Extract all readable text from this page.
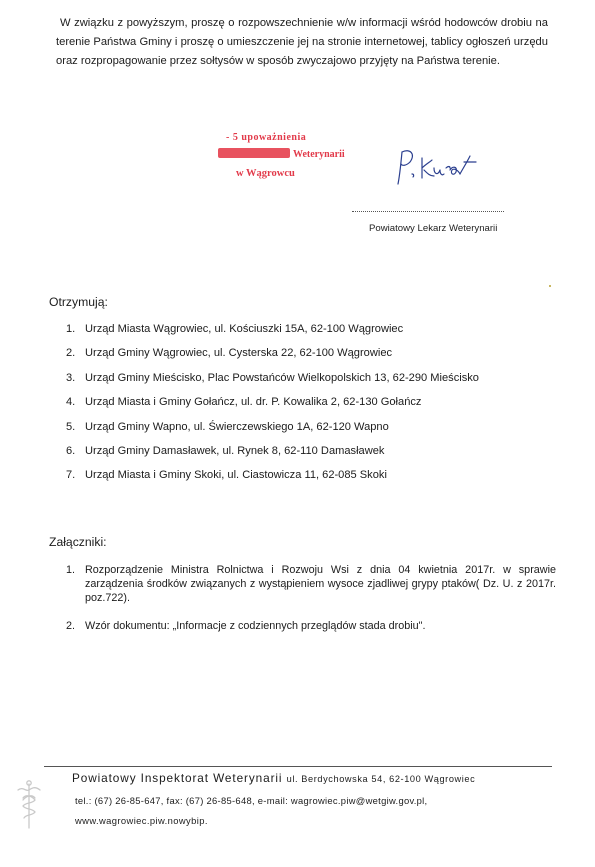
W związku z powyższym, proszę o rozpowszechnienie w/w informacji wśród hodowców drobiu na terenie Państwa Gminy i proszę o umieszczenie jej na stronie internetowej, tablicy ogłoszeń urzędu oraz rozpropagowanie przez sołtysów w sposób zwyczajowo przyjęty na Państwa terenie.

- 5 upoważnienia
Weterynarii
w Wągrowcu
Powiatowy Lekarz Weterynarii
Otrzymują:
1. Urząd Miasta Wągrowiec, ul. Kościuszki 15A, 62-100 Wągrowiec
2. Urząd Gminy Wągrowiec, ul. Cysterska 22, 62-100 Wągrowiec
3. Urząd Gminy Mieścisko, Plac Powstańców Wielkopolskich 13, 62-290 Mieścisko
4. Urząd Miasta i Gminy Gołańcz, ul. dr. P. Kowalika 2, 62-130 Gołańcz
5. Urząd Gminy Wapno, ul. Świerczewskiego 1A, 62-120 Wapno
6. Urząd Gminy Damasławek, ul. Rynek 8, 62-110 Damasławek
7. Urząd Miasta i Gminy Skoki, ul. Ciastowicza 11, 62-085 Skoki
Załączniki:
1. Rozporządzenie Ministra Rolnictwa i Rozwoju Wsi z dnia 04 kwietnia 2017r. w sprawie zarządzenia środków związanych z wystąpieniem wysoce zjadliwej grypy ptaków( Dz. U. z 2017r. poz.722).
2. Wzór dokumentu: „Informacje z codziennych przeglądów stada drobiu".
Powiatowy Inspektorat Weterynarii ul. Berdychowska 54, 62-100 Wągrowiec
tel.: (67) 26-85-647, fax: (67) 26-85-648, e-mail: wagrowiec.piw@wetgiw.gov.pl,
www.wagrowiec.piw.nowybip.
